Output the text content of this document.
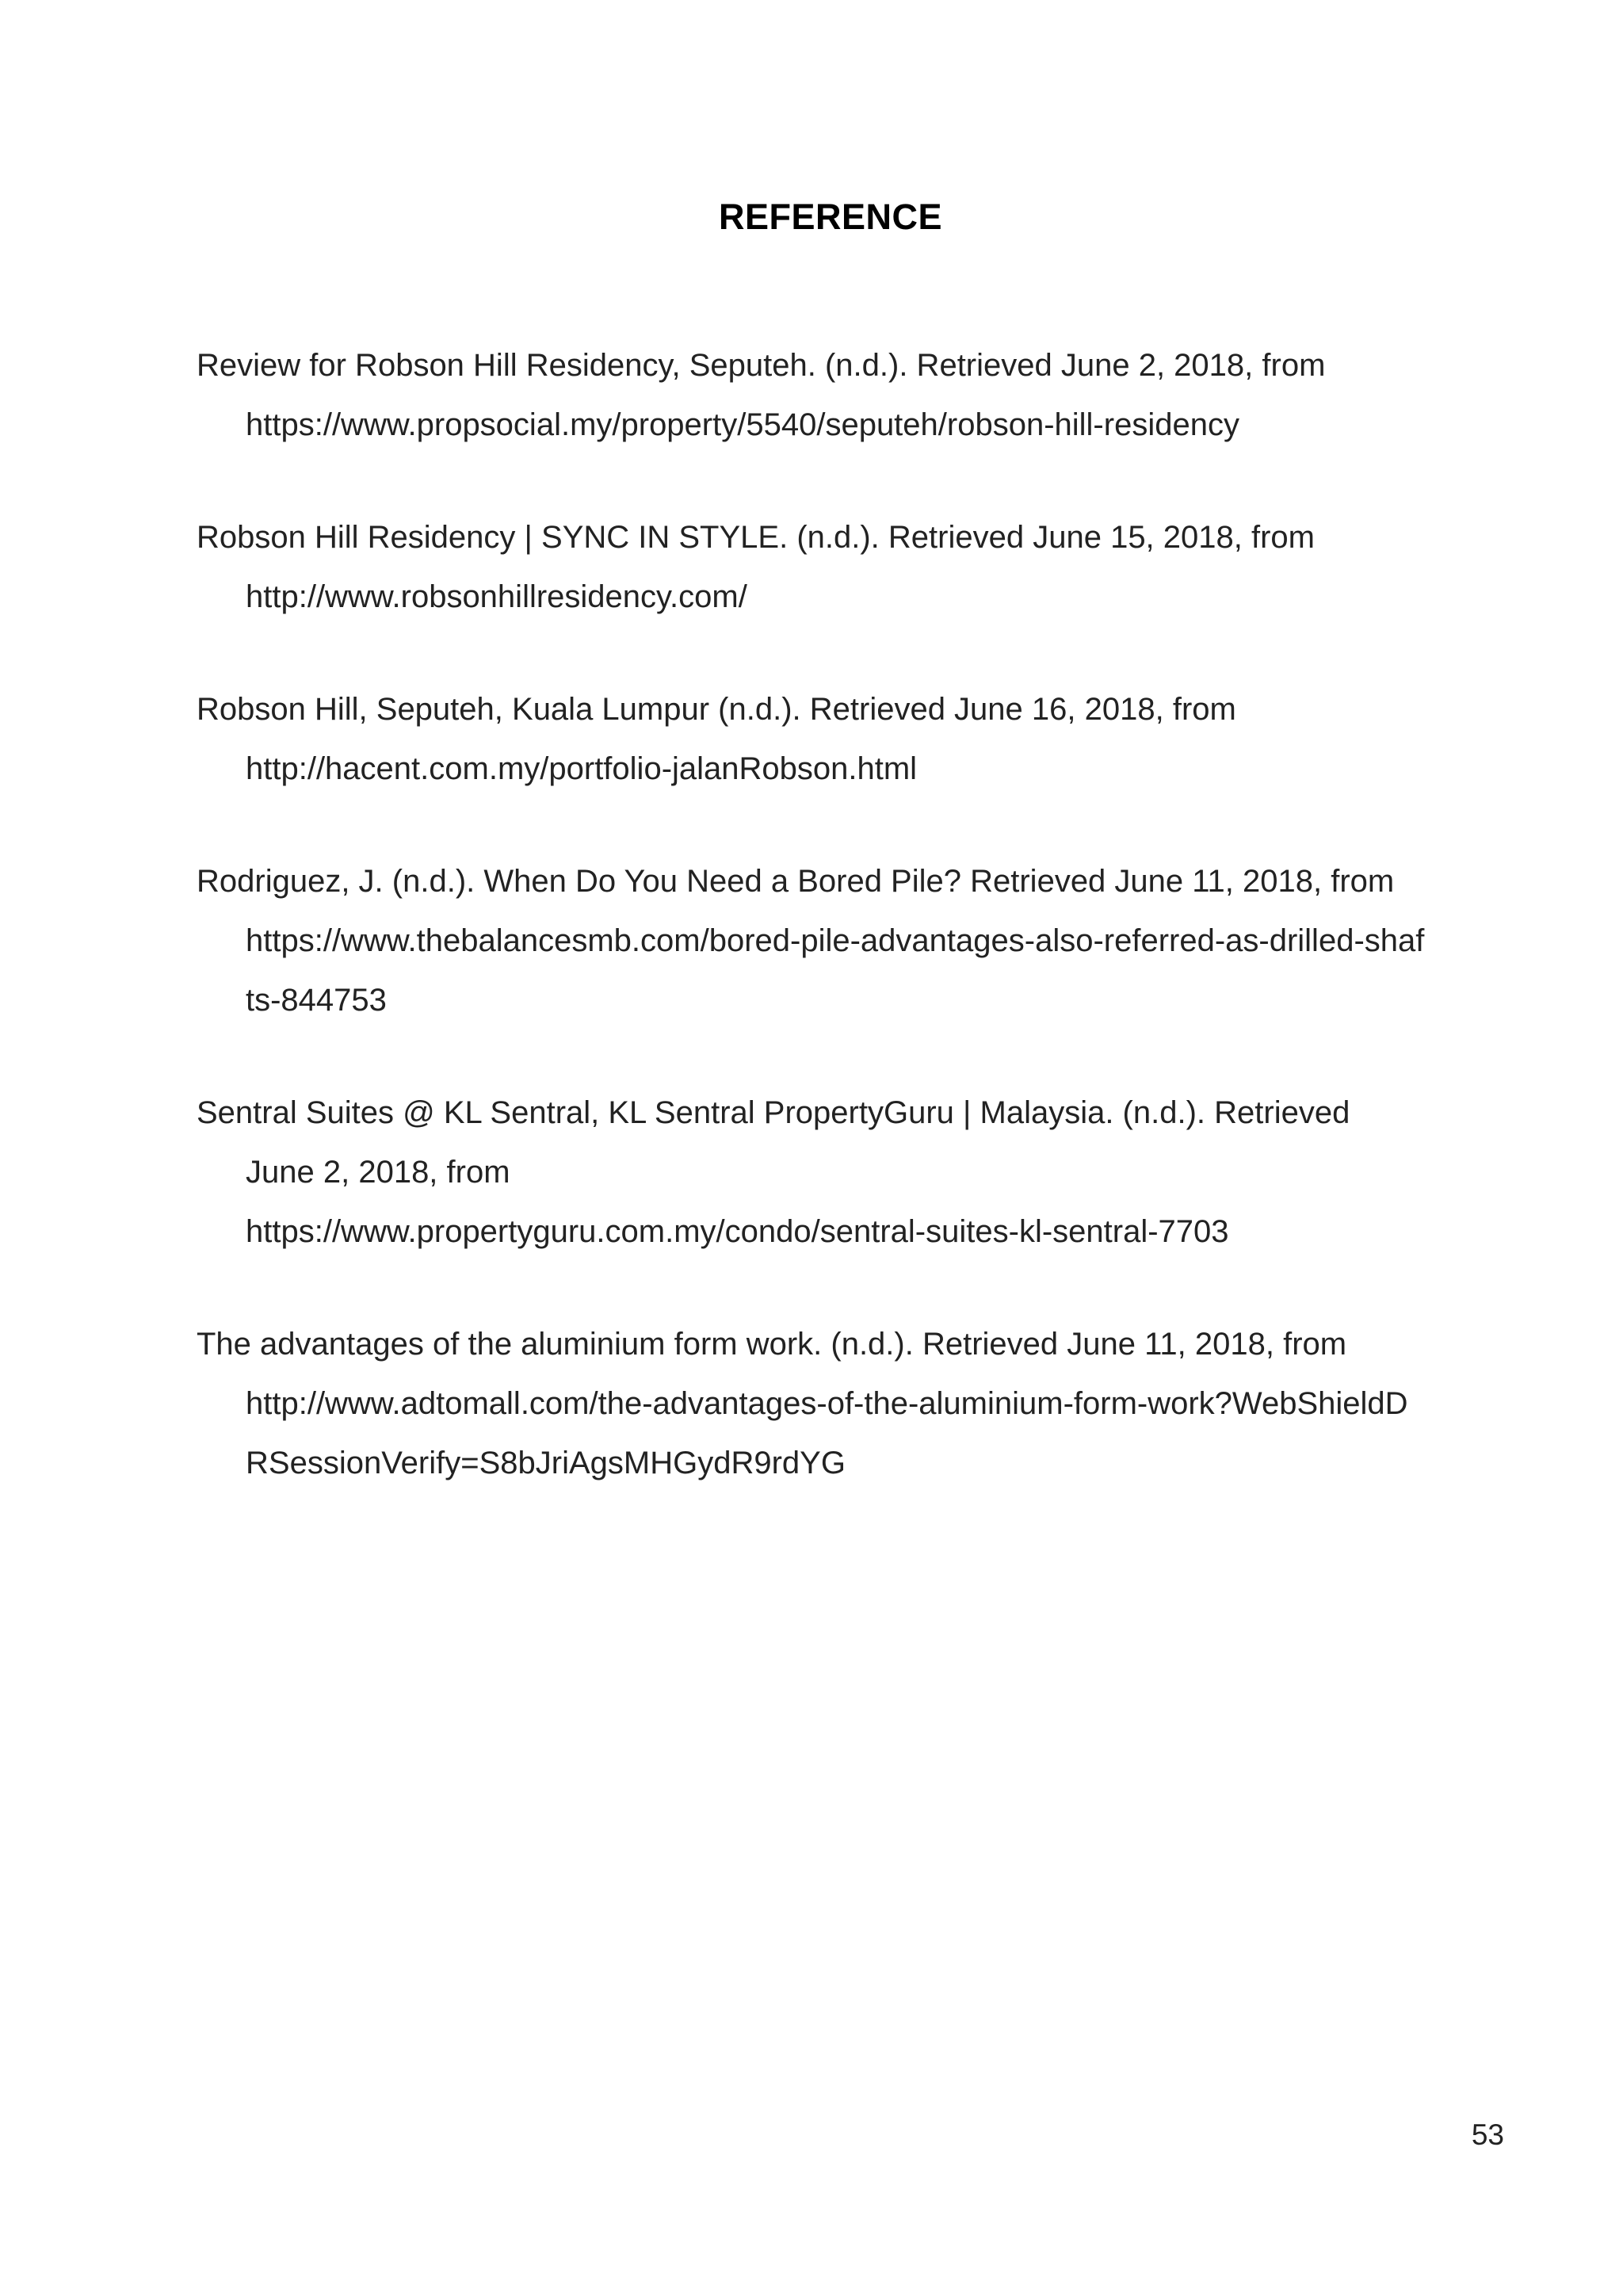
REFERENCE
Review for Robson Hill Residency, Seputeh. (n.d.). Retrieved June 2, 2018, from
https://www.propsocial.my/property/5540/seputeh/robson-hill-residency
Robson Hill Residency | SYNC IN STYLE. (n.d.). Retrieved June 15, 2018, from
http://www.robsonhillresidency.com/
Robson Hill, Seputeh, Kuala Lumpur (n.d.). Retrieved June 16, 2018, from
http://hacent.com.my/portfolio-jalanRobson.html
Rodriguez, J. (n.d.). When Do You Need a Bored Pile? Retrieved June 11, 2018, from
https://www.thebalancesmb.com/bored-pile-advantages-also-referred-as-drilled-shaf
ts-844753
Sentral Suites @ KL Sentral, KL Sentral PropertyGuru | Malaysia. (n.d.). Retrieved
June 2, 2018, from
https://www.propertyguru.com.my/condo/sentral-suites-kl-sentral-7703
The advantages of the aluminium form work. (n.d.). Retrieved June 11, 2018, from
http://www.adtomall.com/the-advantages-of-the-aluminium-form-work?WebShieldD
RSessionVerify=S8bJriAgsMHGydR9rdYG
53
